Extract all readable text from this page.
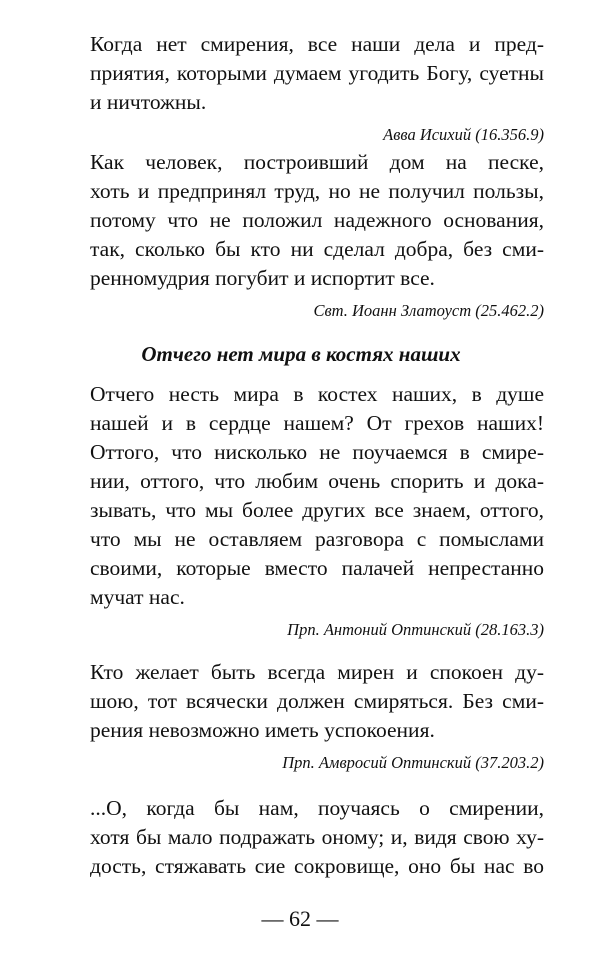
Когда нет смирения, все наши дела и пред-
приятия, которыми думаем угодить Богу, суетны
и ничтожны.

Авва Исихий (16.356.9)

Как человек, построивший дом на песке,
хоть и предпринял труд, но не получил пользы,
потому что не положил надежного основания,
так, сколько бы кто ни сделал добра, без сми-
ренномудрия погубит и испортит все.

Свт. Иоанн Златоуст (25.462.2)

Отчего нет мира в костях наших

Отчего несть мира в костех наших, в душе
нашей и в сердце нашем? От грехов наших!
Оттого, что нисколько не поучаемся в смире-
нии, оттого, что любим очень спорить и дока-
зывать, что мы более других все знаем, оттого,
что мы не оставляем разговора с помыслами
своими, которые вместо палачей непрестанно
мучат нас.

Прп. Антоний Оптинский (28.163.3)

Кто желает быть всегда мирен и спокоен ду-
шою, тот всячески должен смиряться. Без сми-
рения невозможно иметь успокоения.

Прп. Амвросий Оптинский (37.203.2)

...О, когда бы нам, поучаясь о смирении,
хотя бы мало подражать оному; и, видя свою ху-
дость, стяжавать сие сокровище, оно бы нас во

— 62 —
